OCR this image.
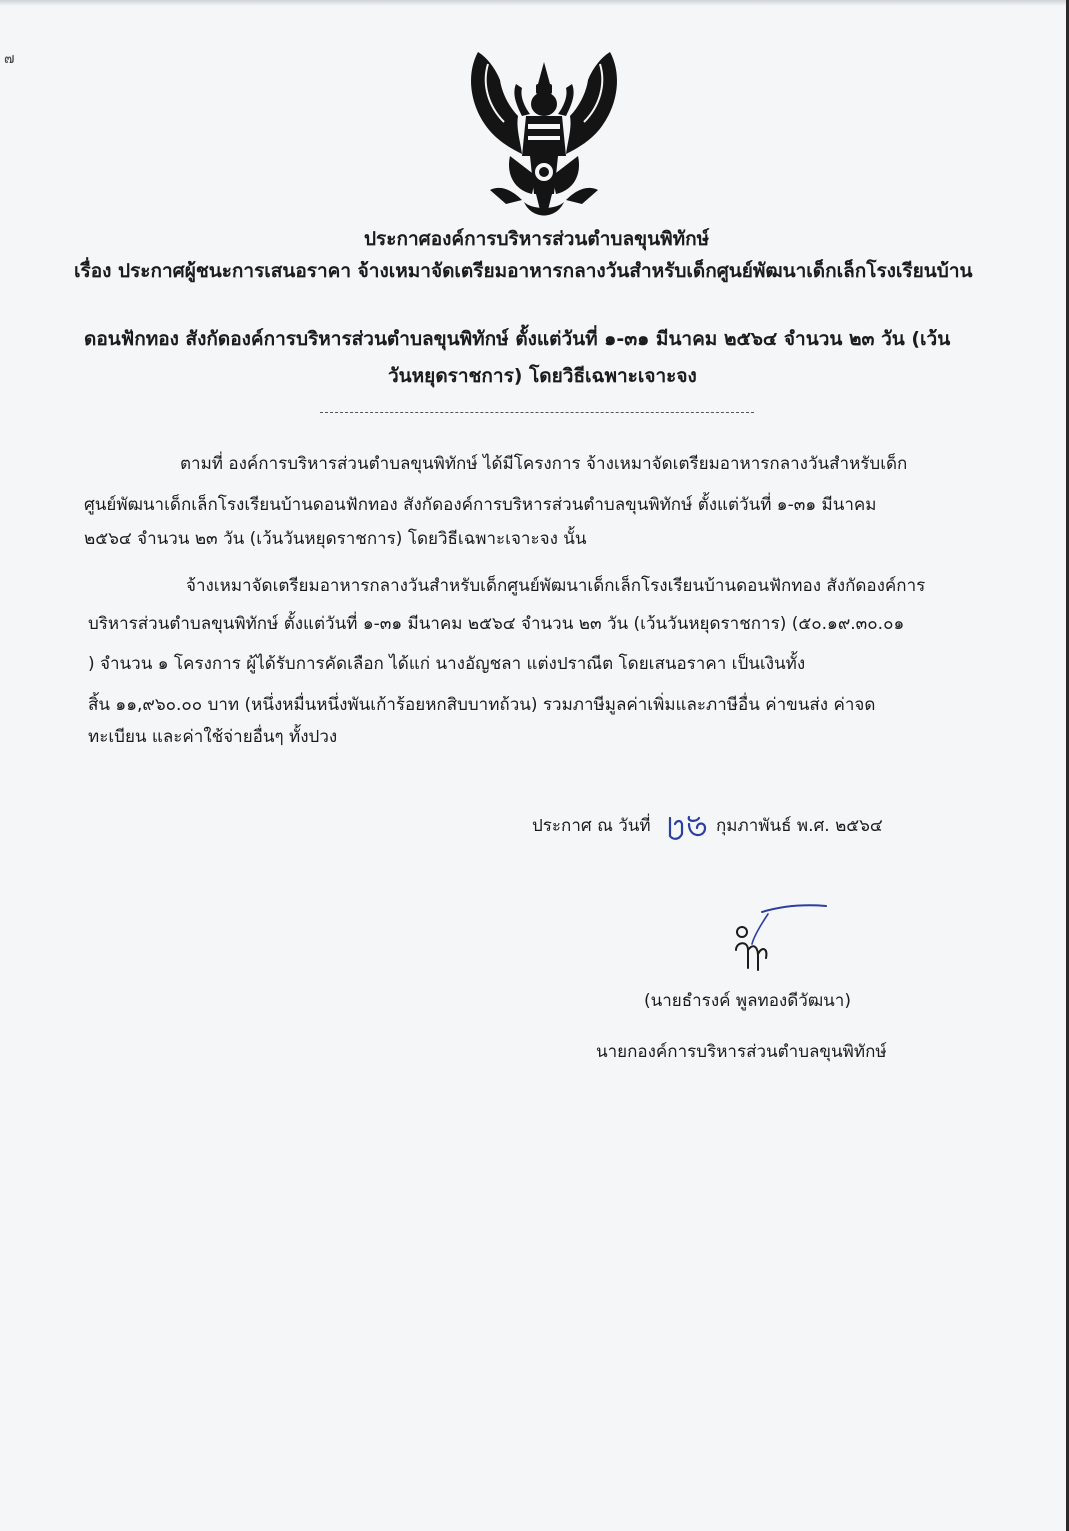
๗
ประกาศองค์การบริหารส่วนตำบลขุนพิทักษ์
เรื่อง ประกาศผู้ชนะการเสนอราคา จ้างเหมาจัดเตรียมอาหารกลางวันสำหรับเด็กศูนย์พัฒนาเด็กเล็กโรงเรียนบ้าน
ดอนฟักทอง สังกัดองค์การบริหารส่วนตำบลขุนพิทักษ์ ตั้งแต่วันที่ ๑-๓๑ มีนาคม ๒๕๖๔ จำนวน ๒๓ วัน (เว้น
วันหยุดราชการ) โดยวิธีเฉพาะเจาะจง
ตามที่ องค์การบริหารส่วนตำบลขุนพิทักษ์ ได้มีโครงการ จ้างเหมาจัดเตรียมอาหารกลางวันสำหรับเด็ก
ศูนย์พัฒนาเด็กเล็กโรงเรียนบ้านดอนฟักทอง สังกัดองค์การบริหารส่วนตำบลขุนพิทักษ์ ตั้งแต่วันที่ ๑-๓๑ มีนาคม
๒๕๖๔ จำนวน ๒๓ วัน (เว้นวันหยุดราชการ) โดยวิธีเฉพาะเจาะจง นั้น
จ้างเหมาจัดเตรียมอาหารกลางวันสำหรับเด็กศูนย์พัฒนาเด็กเล็กโรงเรียนบ้านดอนฟักทอง สังกัดองค์การ
บริหารส่วนตำบลขุนพิทักษ์ ตั้งแต่วันที่ ๑-๓๑ มีนาคม ๒๕๖๔ จำนวน ๒๓ วัน (เว้นวันหยุดราชการ) (๕๐.๑๙.๓๐.๐๑
) จำนวน ๑ โครงการ ผู้ได้รับการคัดเลือก ได้แก่ นางอัญชลา แต่งปราณีต โดยเสนอราคา เป็นเงินทั้ง
สิ้น ๑๑,๙๖๐.๐๐ บาท (หนึ่งหมื่นหนึ่งพันเก้าร้อยหกสิบบาทถ้วน) รวมภาษีมูลค่าเพิ่มและภาษีอื่น ค่าขนส่ง ค่าจด
ทะเบียน และค่าใช้จ่ายอื่นๆ ทั้งปวง
ประกาศ ณ วันที่	กุมภาพันธ์ พ.ศ. ๒๕๖๔
(นายธำรงค์ พูลทองดีวัฒนา)
นายกองค์การบริหารส่วนตำบลขุนพิทักษ์
